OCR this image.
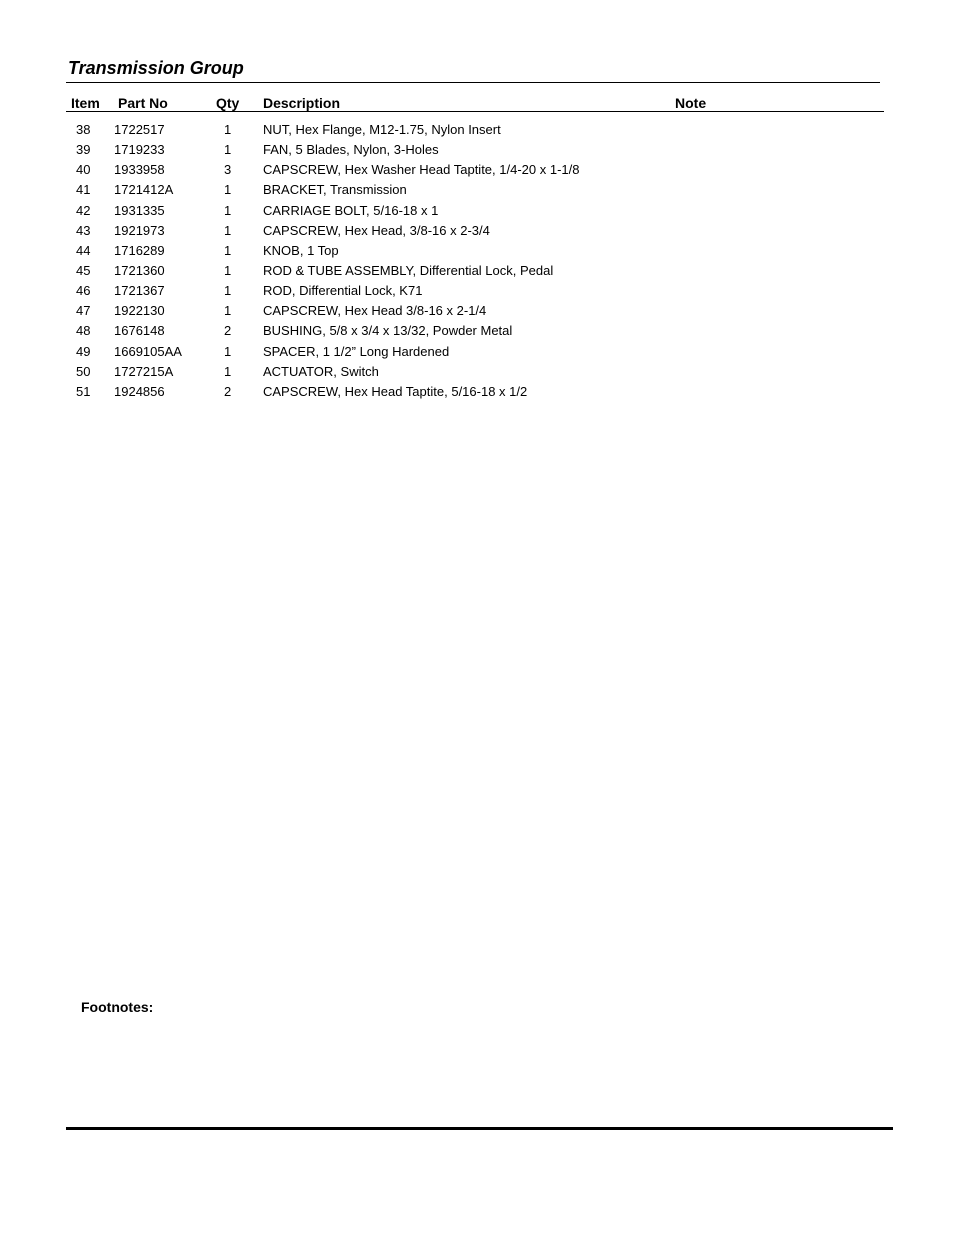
Transmission Group
Item Part No	Qty Description	Note
38 1722517	1 NUT, Hex Flange, M12-1.75, Nylon Insert
39 1719233	1 FAN, 5 Blades, Nylon, 3-Holes
40 1933958	3 CAPSCREW, Hex Washer Head Taptite, 1/4-20 x 1-1/8
41 1721412A	1 BRACKET, Transmission
42 1931335	1 CARRIAGE BOLT, 5/16-18 x 1
43 1921973	1 CAPSCREW, Hex Head, 3/8-16 x 2-3/4
44 1716289	1 KNOB, 1 Top
45 1721360	1 ROD & TUBE ASSEMBLY, Differential Lock, Pedal
46 1721367	1 ROD, Differential Lock, K71
47 1922130	1 CAPSCREW, Hex Head 3/8-16 x 2-1/4
48 1676148	2 BUSHING, 5/8 x 3/4 x 13/32, Powder Metal
49 1669105AA	1 SPACER, 1 1/2” Long Hardened
50 1727215A	1 ACTUATOR, Switch
51 1924856	2 CAPSCREW, Hex Head Taptite, 5/16-18 x 1/2
Footnotes:
